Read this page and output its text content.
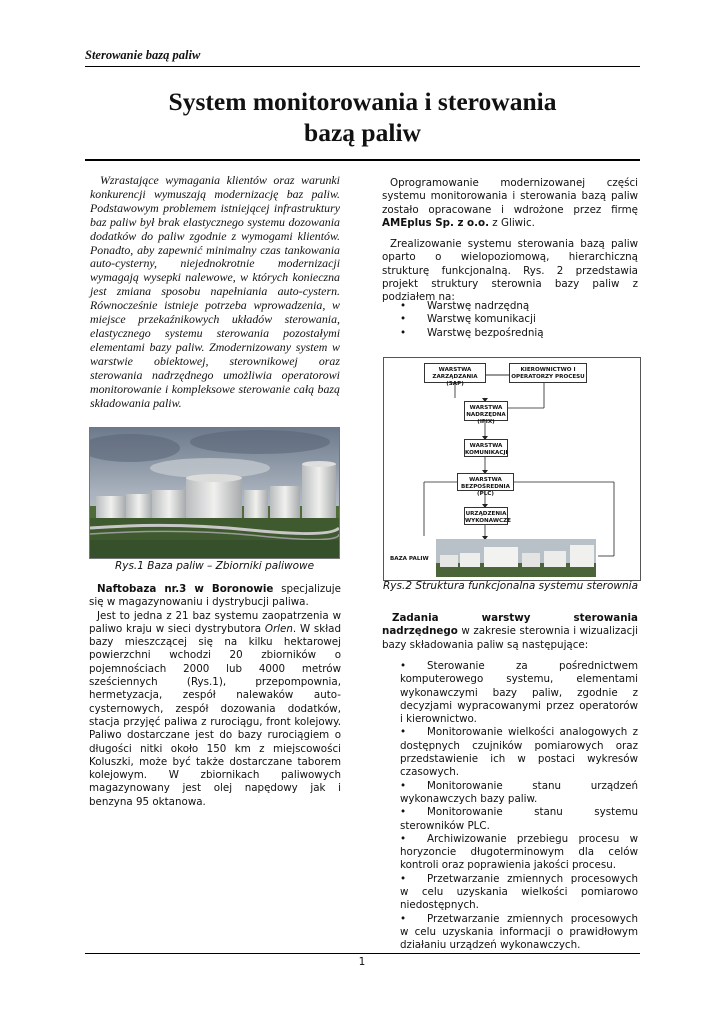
Sterowanie bazą paliw
System monitorowania i sterowania
bazą paliw

Wzrastające wymagania klientów oraz warunki konkurencji wymuszają modernizację baz paliw. Podstawowym problemem istniejącej infrastruktury baz paliw był brak elastycznego systemu dozowania dodatków do paliw zgodnie z wymogami klientów. Ponadto, aby zapewnić minimalny czas tankowania auto-cysterny, niejednokrotnie modernizacji wymagają wysepki nalewowe, w których konieczna jest zmiana sposobu napełniania auto-cystern. Równocześnie istnieje potrzeba wprowadzenia, w miejsce przekaźnikowych układów sterowania, elastycznego systemu sterowania pozostałymi elementami bazy paliw. Zmodernizowany system w warstwie obiektowej, sterownikowej oraz sterowania nadrzędnego umożliwia operatorowi monitorowanie i kompleksowe sterowanie całą bazą składowania paliw.

Rys.1 Baza paliw – Zbiorniki paliwowe

Naftobaza nr.3 w Boronowie specjalizuje się w magazynowaniu i dystrybucji paliwa.

Jest to jedna z 21 baz systemu zaopatrzenia w paliwo kraju w sieci dystrybutora Orlen. W skład bazy mieszczącej się na kilku hektarowej powierzchni wchodzi 20 zbiorników o pojemnościach 2000 lub 4000 metrów sześciennych (Rys.1), przepompownia, hermetyzacja, zespół nalewaków auto-cysternowych, zespół dozowania dodatków, stacja przyjęć paliwa z rurociągu, front kolejowy. Paliwo dostarczane jest do bazy rurociągiem o długości nitki około 150 km z miejscowości Koluszki, może być także dostarczane taborem kolejowym. W zbiornikach paliwowych magazynowany jest olej napędowy jak i benzyna 95 oktanowa.

Oprogramowanie modernizowanej części systemu monitorowania i sterowania bazą paliw zostało opracowane i wdrożone przez firmę AMEplus Sp. z o.o. z Gliwic.

Zrealizowanie systemu sterowania bazą paliw oparto o wielopoziomową, hierarchiczną strukturę funkcjonalną. Rys. 2 przedstawia projekt struktury sterownia bazy paliw z podziałem na:

• Warstwę nadrzędną
• Warstwę komunikacji
• Warstwę bezpośrednią
WARSTWA ZARZĄDZANIA (SAP)
KIEROWNICTWO I OPERATORZY PROCESU
WARSTWA NADRZĘDNA (IFIX)
WARSTWA KOMUNIKACJI
WARSTWA BEZPOŚREDNIA (PLC)
URZĄDZENIA WYKONAWCZE
BAZA PALIW
Rys.2 Struktura funkcjonalna systemu sterownia

Zadania warstwy sterowania nadrzędnego w zakresie sterownia i wizualizacji bazy składowania paliw są następujące:

• Sterowanie za pośrednictwem komputerowego systemu, elementami wykonawczymi bazy paliw, zgodnie z decyzjami wypracowanymi przez operatorów i kierownictwo.
• Monitorowanie wielkości analogowych z dostępnych czujników pomiarowych oraz przedstawienie ich w postaci wykresów czasowych.
• Monitorowanie stanu urządzeń wykonawczych bazy paliw.
• Monitorowanie stanu systemu sterowników PLC.
• Archiwizowanie przebiegu procesu w horyzoncie długoterminowym dla celów kontroli oraz poprawienia jakości procesu.
• Przetwarzanie zmiennych procesowych w celu uzyskania wielkości pomiarowo niedostępnych.
• Przetwarzanie zmiennych procesowych w celu uzyskania informacji o prawidłowym działaniu urządzeń wykonawczych.
1
